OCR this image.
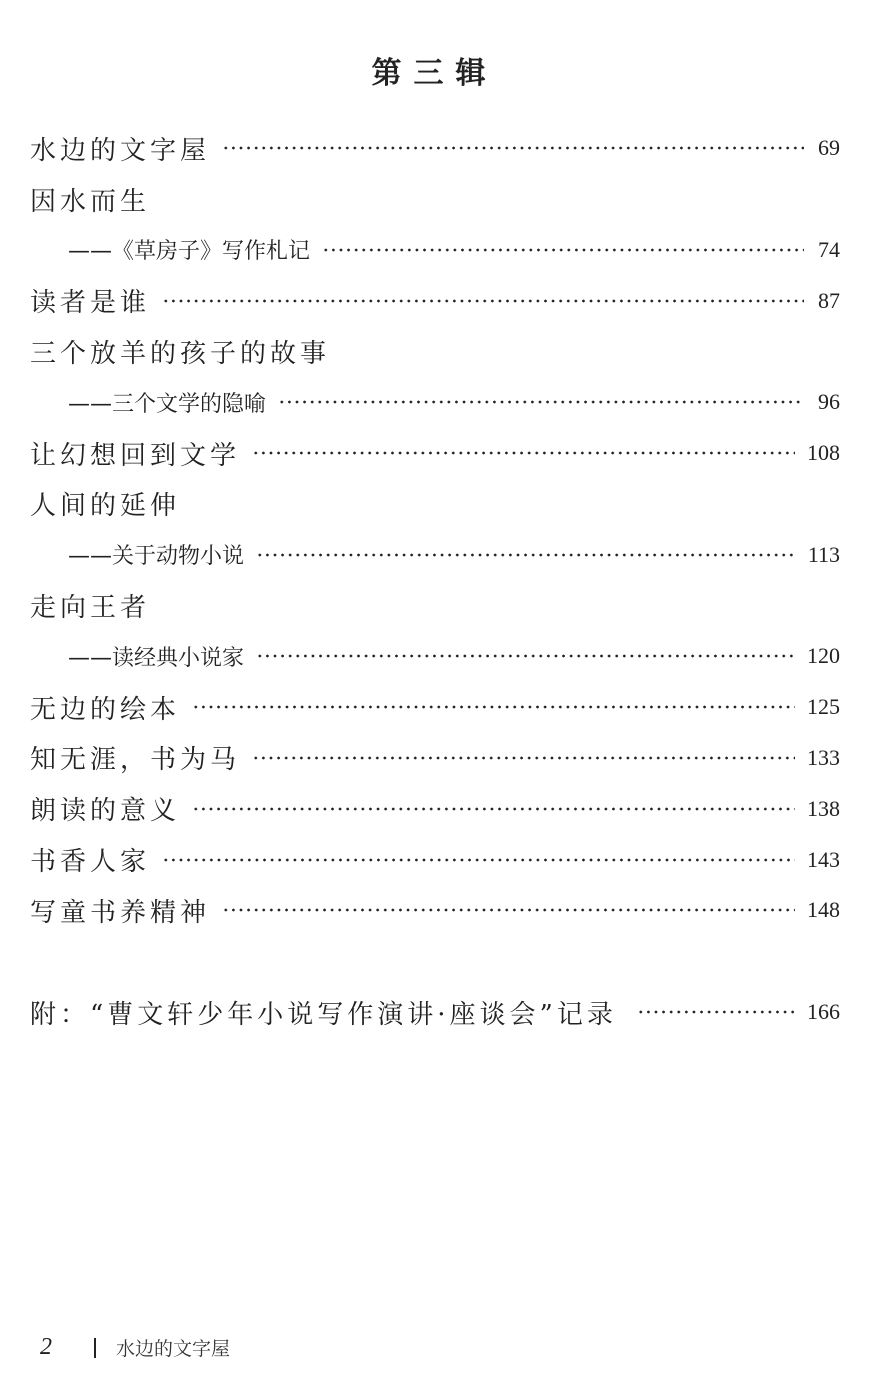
第三辑
水边的文字屋	69
因水而生
——《草房子》写作札记	74
读者是谁	87
三个放羊的孩子的故事
——三个文学的隐喻	96
让幻想回到文学	108
人间的延伸
——关于动物小说	113
走向王者
——读经典小说家	120
无边的绘本	125
知无涯，书为马	133
朗读的意义	138
书香人家	143
写童书养精神	148
附：“曹文轩少年小说写作演讲·座谈会”记录	166
2	水边的文字屋
